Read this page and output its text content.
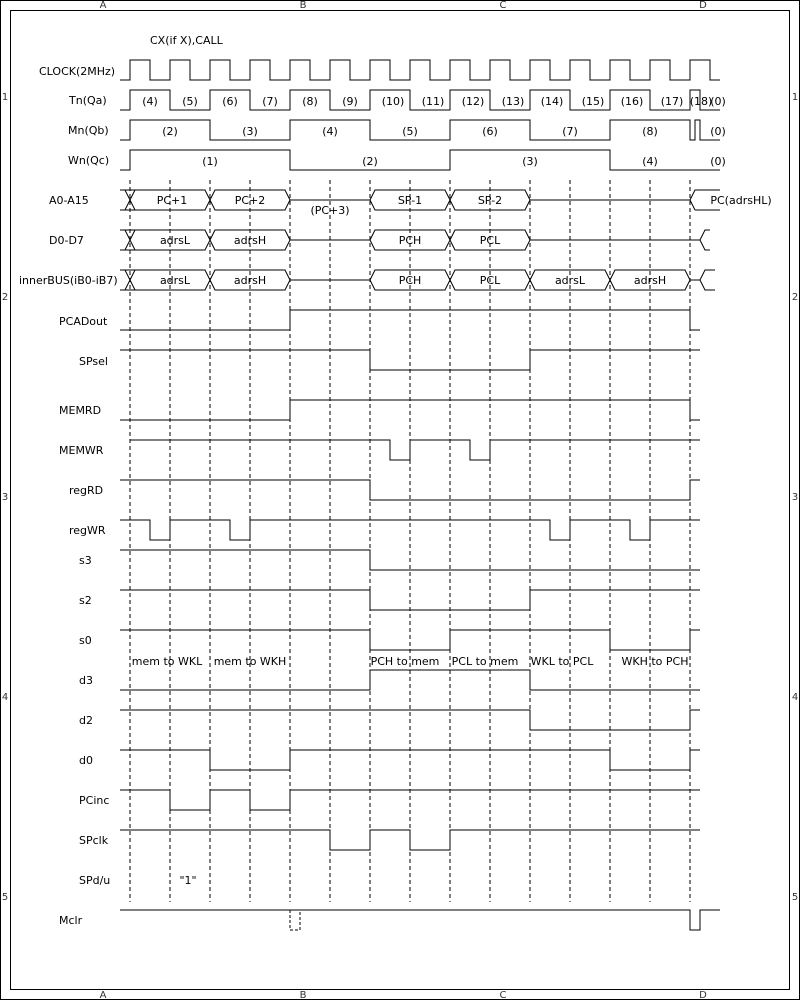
A	B	C	D
A	B	C	D
1
2
3
4
5
1
2
3
4
5
CX(if X),CALL
CLOCK(2MHz)
Tn(Qa)
Mn(Qb)
Wn(Qc)
A0-A15
D0-D7
innerBUS(iB0-iB7)
PCADout
SPsel
MEMRD
MEMWR
regRD
regWR
s3
s2
s0
d3
d2
d0
PCinc
SPclk
SPd/u
Mclr
(4) (5) (6) (7) (8) (9) (10) (11) (12) (13) (14) (15) (16) (17) (18)
(0)
(2)	(3)	(4)	(5)	(6)	(7)	(8)	(0)
(1)	(2)	(3)	(4)	(0)
PC+1	PC+2
(PC+3)
SP-1	SP-2	PC(adrsHL)
adrsL	adrsH	PCH	PCL
adrsL	adrsH	PCH	PCL	adrsL	adrsH
"1"
mem to WKL mem to WKH	PCH to mem PCL to mem WKL to PCL	WKH to PCH
